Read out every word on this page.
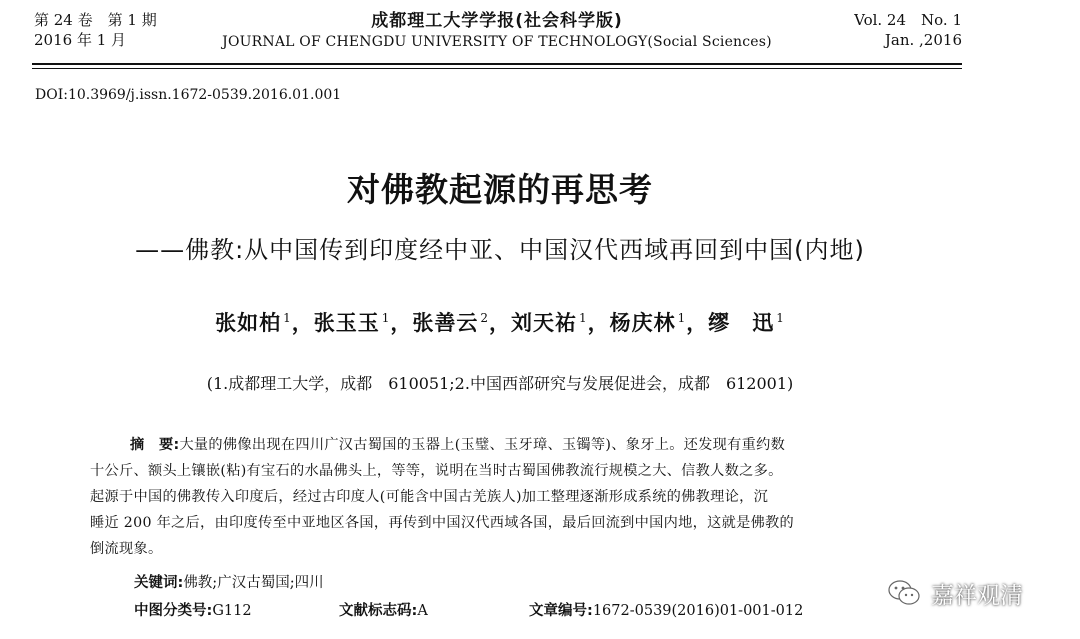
第 24 卷　第 1 期
2016 年 1 月
成都理工大学学报(社会科学版)
JOURNAL OF CHENGDU UNIVERSITY OF TECHNOLOGY(Social Sciences)
Vol. 24　No. 1
Jan. ,2016
DOI:10.3969/j.issn.1672-0539.2016.01.001
对佛教起源的再思考
——佛教:从中国传到印度经中亚、中国汉代西域再回到中国(内地)
张如柏 $^1$，张玉玉 $^1$，张善云 $^2$，刘天祐 $^1$，杨庆林 $^1$，缪　迅 $^1$
(1.成都理工大学，成都　610051;2.中国西部研究与发展促进会，成都　612001)
摘　要:大量的佛像出现在四川广汉古蜀国的玉器上(玉璧、玉牙璋、玉镯等)、象牙上。还发现有重约数
十公斤、额头上镶嵌(粘)有宝石的水晶佛头上，等等，说明在当时古蜀国佛教流行规模之大、信教人数之多。
起源于中国的佛教传入印度后，经过古印度人(可能含中国古羌族人)加工整理逐渐形成系统的佛教理论，沉
睡近 200 年之后，由印度传至中亚地区各国，再传到中国汉代西域各国，最后回流到中国内地，这就是佛教的
倒流现象。
关键词:佛教;广汉古蜀国;四川
中图分类号:G112	文献标志码:A	文章编号:1672-0539(2016)01-001-012
嘉祥观清
